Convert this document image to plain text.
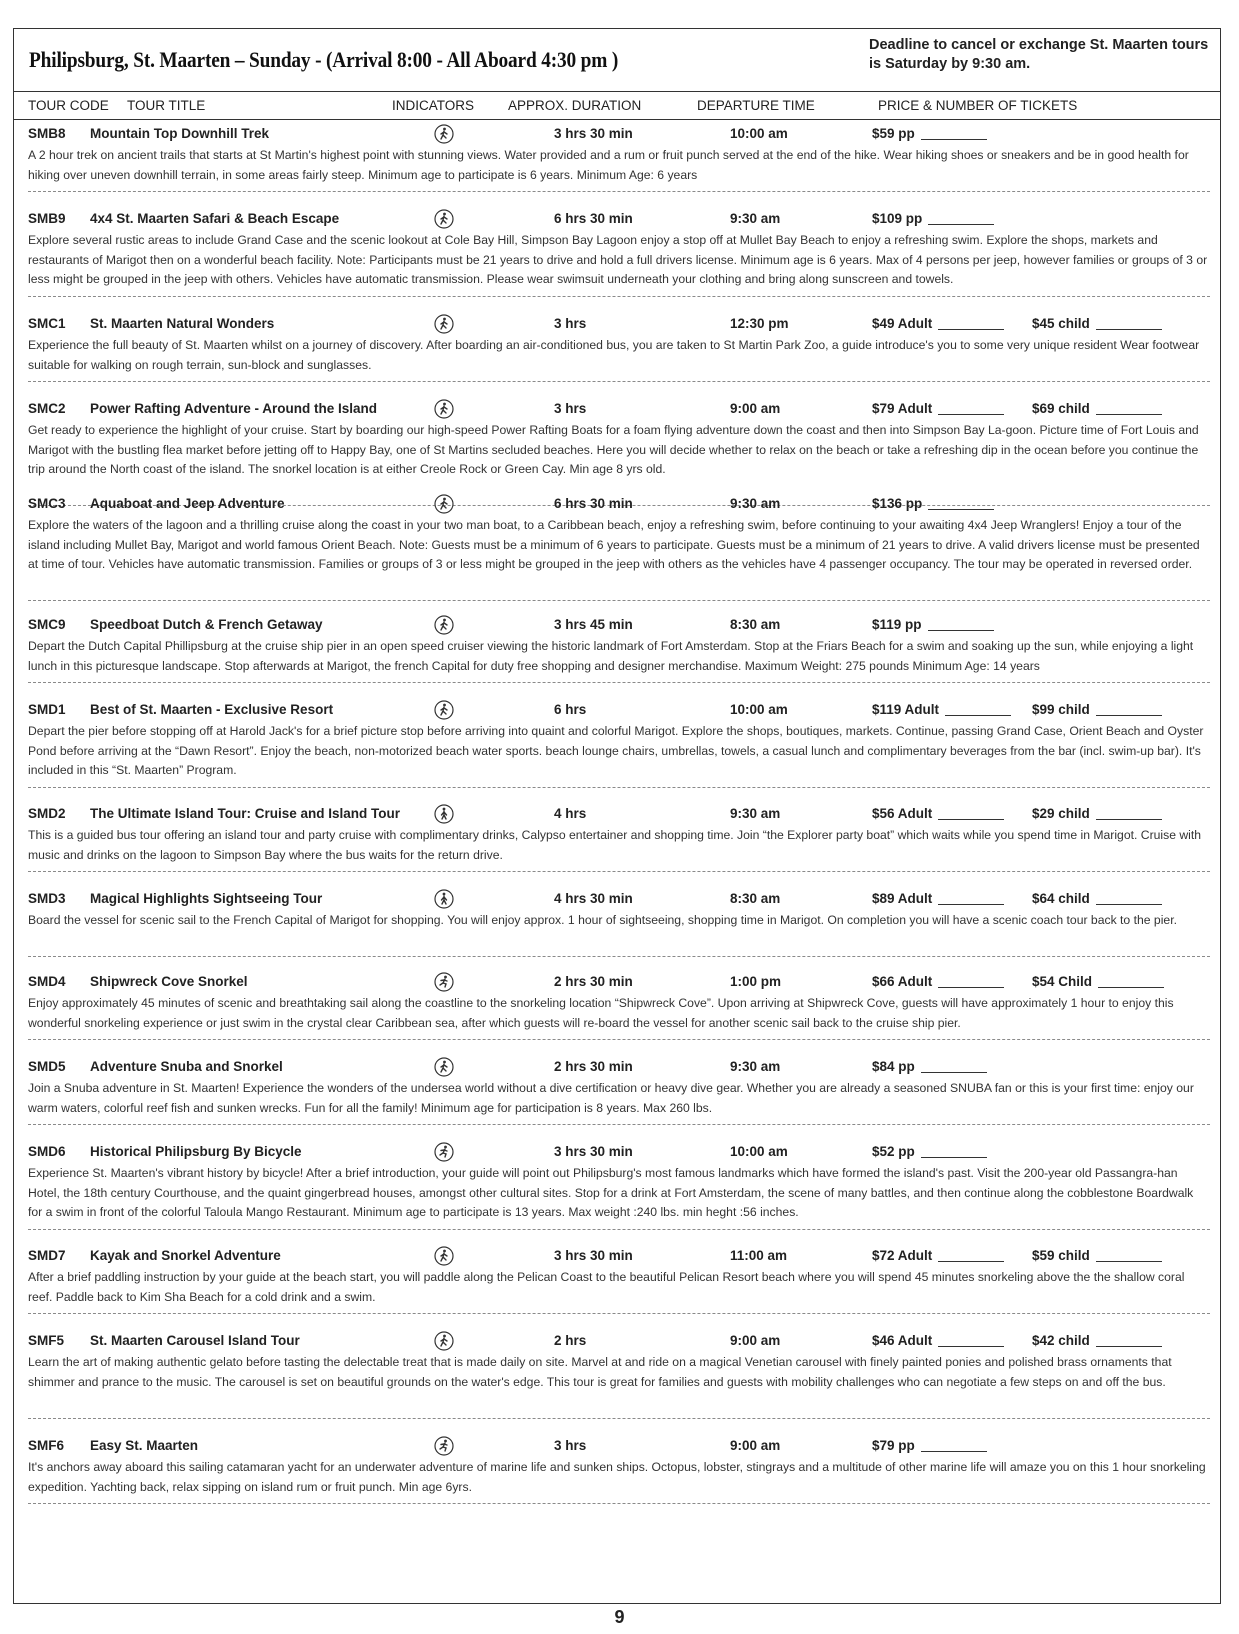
Philipsburg, St. Maarten – Sunday - (Arrival 8:00 - All Aboard 4:30 pm )
Deadline to cancel or exchange St. Maarten tours
is Saturday by 9:30 am.
TOUR CODE TOUR TITLE	INDICATORS	APPROX. DURATION	DEPARTURE TIME	PRICE & NUMBER OF TICKETS
SMB8 Mountain Top Downhill Trek	3 hrs 30 min	10:00 am	$59 pp
A 2 hour trek on ancient trails that starts at St Martin's highest point with stunning views. Water provided and a rum or fruit punch served at the end of the hike. Wear hiking shoes or sneakers and be in good health for hiking over uneven downhill terrain, in some areas fairly steep. Minimum age to participate is 6 years. Minimum Age: 6 years
SMB9 4x4 St. Maarten Safari & Beach Escape	6 hrs 30 min	9:30 am	$109 pp
Explore several rustic areas to include Grand Case and the scenic lookout at Cole Bay Hill, Simpson Bay Lagoon enjoy a stop off at Mullet Bay Beach to enjoy a refreshing swim. Explore the shops, markets and restaurants of Marigot then on a wonderful beach facility. Note: Participants must be 21 years to drive and hold a full drivers license. Minimum age is 6 years. Max of 4 persons per jeep, however families or groups of 3 or less might be grouped in the jeep with others. Vehicles have automatic transmission. Please wear swimsuit underneath your clothing and bring along sunscreen and towels.
SMC1 St. Maarten Natural Wonders	3 hrs	12:30 pm	$49 Adult	$45 child
Experience the full beauty of St. Maarten whilst on a journey of discovery. After boarding an air-conditioned bus, you are taken to St Martin Park Zoo, a guide introduce's you to some very unique resident Wear footwear suitable for walking on rough terrain, sun-block and sunglasses.
SMC2 Power Rafting Adventure - Around the Island	3 hrs	9:00 am	$79 Adult	$69 child
Get ready to experience the highlight of your cruise. Start by boarding our high-speed Power Rafting Boats for a foam flying adventure down the coast and then into Simpson Bay La-goon. Picture time of Fort Louis and Marigot with the bustling flea market before jetting off to Happy Bay, one of St Martins secluded beaches. Here you will decide whether to relax on the beach or take a refreshing dip in the ocean before you continue the trip around the North coast of the island. The snorkel location is at either Creole Rock or Green Cay. Min age 8 yrs old.
SMC3 Aquaboat and Jeep Adventure	6 hrs 30 min	9:30 am	$136 pp
Explore the waters of the lagoon and a thrilling cruise along the coast in your two man boat, to a Caribbean beach, enjoy a refreshing swim, before continuing to your awaiting 4x4 Jeep Wranglers! Enjoy a tour of the island including Mullet Bay, Marigot and world famous Orient Beach. Note: Guests must be a minimum of 6 years to participate. Guests must be a minimum of 21 years to drive. A valid drivers license must be presented at time of tour. Vehicles have automatic transmission. Families or groups of 3 or less might be grouped in the jeep with others as the vehicles have 4 passenger occupancy. The tour may be operated in reversed order.
SMC9 Speedboat Dutch & French Getaway	3 hrs 45 min	8:30 am	$119 pp
Depart the Dutch Capital Phillipsburg at the cruise ship pier in an open speed cruiser viewing the historic landmark of Fort Amsterdam. Stop at the Friars Beach for a swim and soaking up the sun, while enjoying a light lunch in this picturesque landscape. Stop afterwards at Marigot, the french Capital for duty free shopping and designer merchandise. Maximum Weight: 275 pounds Minimum Age: 14 years
SMD1 Best of St. Maarten - Exclusive Resort	6 hrs	10:00 am	$119 Adult	$99 child
Depart the pier before stopping off at Harold Jack's for a brief picture stop before arriving into quaint and colorful Marigot. Explore the shops, boutiques, markets. Continue, passing Grand Case, Orient Beach and Oyster Pond before arriving at the “Dawn Resort”. Enjoy the beach, non-motorized beach water sports. beach lounge chairs, umbrellas, towels, a casual lunch and complimentary beverages from the bar (incl. swim-up bar). It's included in this “St. Maarten” Program.
SMD2 The Ultimate Island Tour: Cruise and Island Tour	4 hrs	9:30 am	$56 Adult	$29 child
This is a guided bus tour offering an island tour and party cruise with complimentary drinks, Calypso entertainer and shopping time. Join “the Explorer party boat” which waits while you spend time in Marigot. Cruise with music and drinks on the lagoon to Simpson Bay where the bus waits for the return drive.
SMD3 Magical Highlights Sightseeing Tour	4 hrs 30 min	8:30 am	$89 Adult	$64 child
Board the vessel for scenic sail to the French Capital of Marigot for shopping. You will enjoy approx. 1 hour of sightseeing, shopping time in Marigot. On completion you will have a scenic coach tour back to the pier.
SMD4 Shipwreck Cove Snorkel	2 hrs 30 min	1:00 pm	$66 Adult	$54 Child
Enjoy approximately 45 minutes of scenic and breathtaking sail along the coastline to the snorkeling location “Shipwreck Cove”. Upon arriving at Shipwreck Cove, guests will have approximately 1 hour to enjoy this wonderful snorkeling experience or just swim in the crystal clear Caribbean sea, after which guests will re-board the vessel for another scenic sail back to the cruise ship pier.
SMD5 Adventure Snuba and Snorkel	2 hrs 30 min	9:30 am	$84 pp
Join a Snuba adventure in St. Maarten! Experience the wonders of the undersea world without a dive certification or heavy dive gear. Whether you are already a seasoned SNUBA fan or this is your first time: enjoy our warm waters, colorful reef fish and sunken wrecks. Fun for all the family! Minimum age for participation is 8 years. Max 260 lbs.
SMD6 Historical Philipsburg By Bicycle	3 hrs 30 min	10:00 am	$52 pp
Experience St. Maarten's vibrant history by bicycle! After a brief introduction, your guide will point out Philipsburg's most famous landmarks which have formed the island's past. Visit the 200-year old Passangra-han Hotel, the 18th century Courthouse, and the quaint gingerbread houses, amongst other cultural sites. Stop for a drink at Fort Amsterdam, the scene of many battles, and then continue along the cobblestone Boardwalk for a swim in front of the colorful Taloula Mango Restaurant. Minimum age to participate is 13 years. Max weight :240 lbs. min heght :56 inches.
SMD7 Kayak and Snorkel Adventure	3 hrs 30 min	11:00 am	$72 Adult	$59 child
After a brief paddling instruction by your guide at the beach start, you will paddle along the Pelican Coast to the beautiful Pelican Resort beach where you will spend 45 minutes snorkeling above the the shallow coral reef. Paddle back to Kim Sha Beach for a cold drink and a swim.
SMF5 St. Maarten Carousel Island Tour	2 hrs	9:00 am	$46 Adult	$42 child
Learn the art of making authentic gelato before tasting the delectable treat that is made daily on site. Marvel at and ride on a magical Venetian carousel with finely painted ponies and polished brass ornaments that shimmer and prance to the music. The carousel is set on beautiful grounds on the water's edge. This tour is great for families and guests with mobility challenges who can negotiate a few steps on and off the bus.
SMF6 Easy St. Maarten	3 hrs	9:00 am	$79 pp
It's anchors away aboard this sailing catamaran yacht for an underwater adventure of marine life and sunken ships. Octopus, lobster, stingrays and a multitude of other marine life will amaze you on this 1 hour snorkeling expedition. Yachting back, relax sipping on island rum or fruit punch. Min age 6yrs.
9
